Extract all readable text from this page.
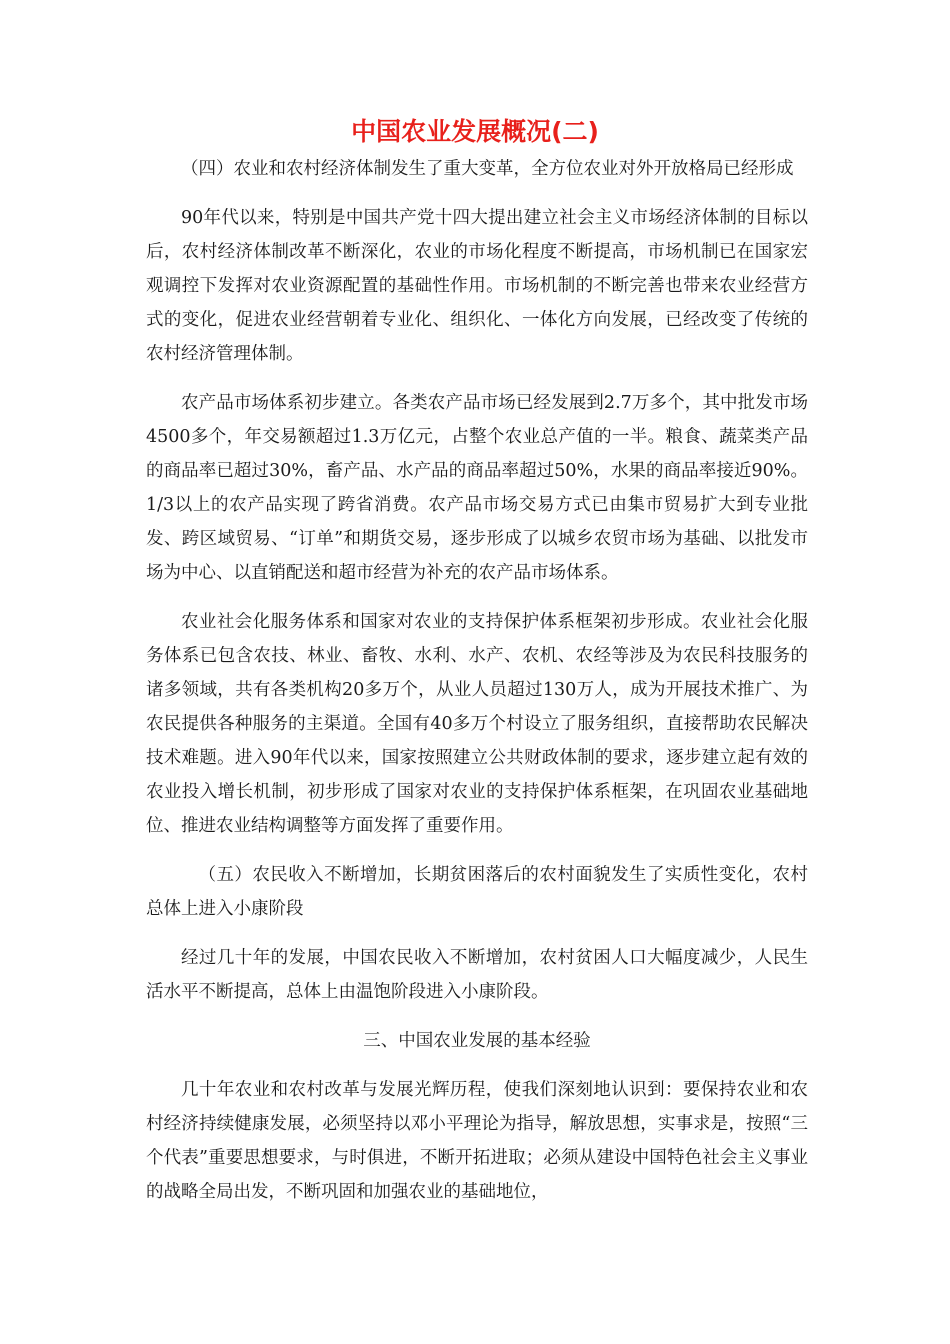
中国农业发展概况(二)

（四）农业和农村经济体制发生了重大变革，全方位农业对外开放格局已经形成

90年代以来，特别是中国共产党十四大提出建立社会主义市场经济体制的目标以后，农村经济体制改革不断深化，农业的市场化程度不断提高，市场机制已在国家宏观调控下发挥对农业资源配置的基础性作用。市场机制的不断完善也带来农业经营方式的变化，促进农业经营朝着专业化、组织化、一体化方向发展，已经改变了传统的农村经济管理体制。

农产品市场体系初步建立。各类农产品市场已经发展到2.7万多个，其中批发市场4500多个，年交易额超过1.3万亿元，占整个农业总产值的一半。粮食、蔬菜类产品的商品率已超过30%，畜产品、水产品的商品率超过50%，水果的商品率接近90%。1/3以上的农产品实现了跨省消费。农产品市场交易方式已由集市贸易扩大到专业批发、跨区域贸易、“订单”和期货交易，逐步形成了以城乡农贸市场为基础、以批发市场为中心、以直销配送和超市经营为补充的农产品市场体系。

农业社会化服务体系和国家对农业的支持保护体系框架初步形成。农业社会化服务体系已包含农技、林业、畜牧、水利、水产、农机、农经等涉及为农民科技服务的诸多领域，共有各类机构20多万个，从业人员超过130万人，成为开展技术推广、为农民提供各种服务的主渠道。全国有40多万个村设立了服务组织，直接帮助农民解决技术难题。进入90年代以来，国家按照建立公共财政体制的要求，逐步建立起有效的农业投入增长机制，初步形成了国家对农业的支持保护体系框架，在巩固农业基础地位、推进农业结构调整等方面发挥了重要作用。

（五）农民收入不断增加，长期贫困落后的农村面貌发生了实质性变化，农村总体上进入小康阶段

经过几十年的发展，中国农民收入不断增加，农村贫困人口大幅度减少，人民生活水平不断提高，总体上由温饱阶段进入小康阶段。

三、中国农业发展的基本经验

几十年农业和农村改革与发展光辉历程，使我们深刻地认识到：要保持农业和农村经济持续健康发展，必须坚持以邓小平理论为指导，解放思想，实事求是，按照“三个代表”重要思想要求，与时俱进，不断开拓进取；必须从建设中国特色社会主义事业的战略全局出发，不断巩固和加强农业的基础地位，
